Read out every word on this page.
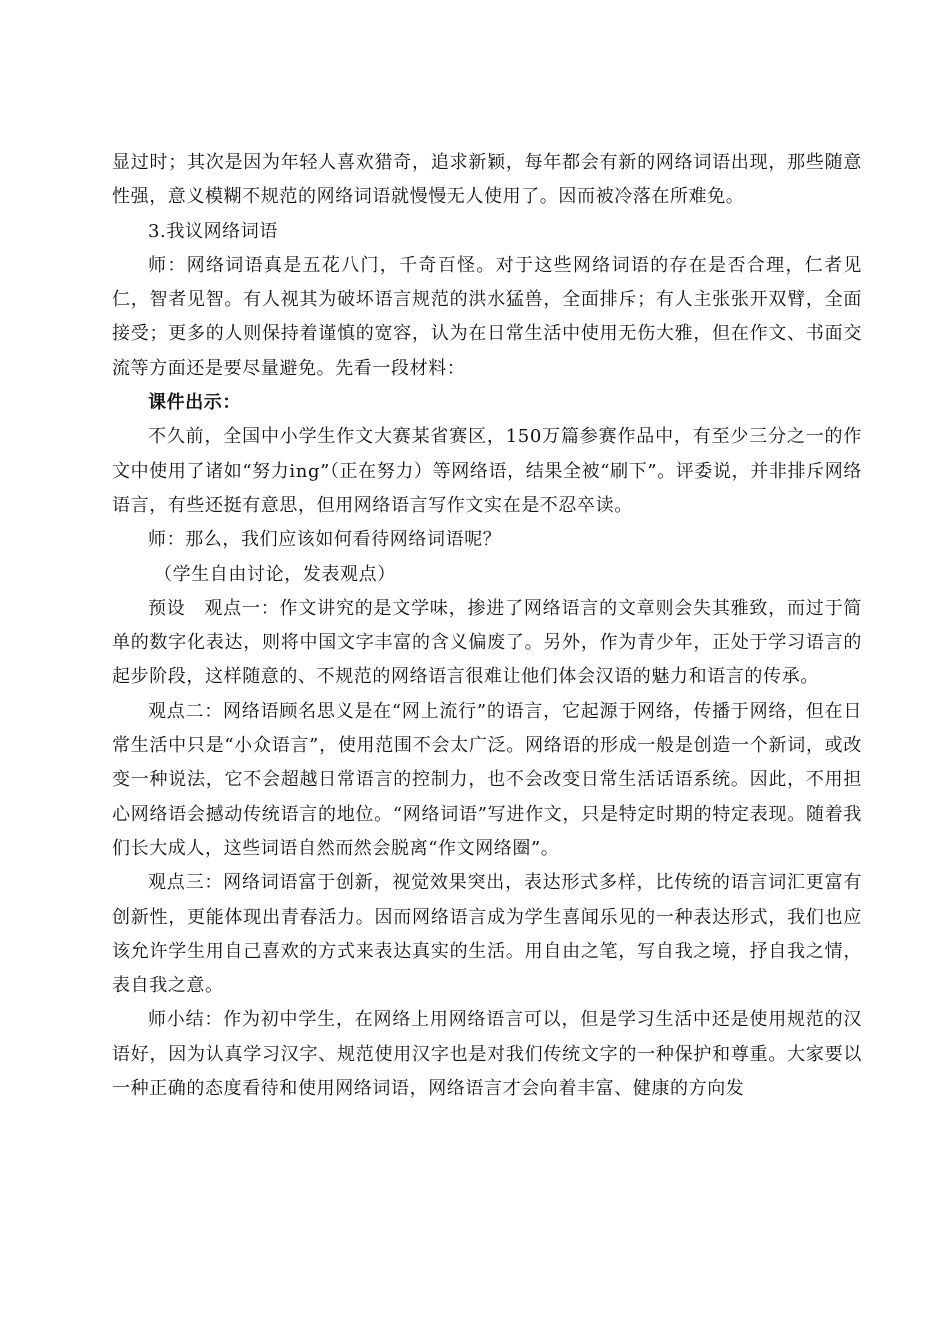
显过时；其次是因为年轻人喜欢猎奇，追求新颖，每年都会有新的网络词语出现，那些随意性强，意义模糊不规范的网络词语就慢慢无人使用了。因而被冷落在所难免。

3.我议网络词语

师：网络词语真是五花八门，千奇百怪。对于这些网络词语的存在是否合理，仁者见仁，智者见智。有人视其为破坏语言规范的洪水猛兽，全面排斥；有人主张张开双臂，全面接受；更多的人则保持着谨慎的宽容，认为在日常生活中使用无伤大雅，但在作文、书面交流等方面还是要尽量避免。先看一段材料：

课件出示：

不久前，全国中小学生作文大赛某省赛区，150万篇参赛作品中，有至少三分之一的作文中使用了诸如“努力ing”（正在努力）等网络语，结果全被“刷下”。评委说，并非排斥网络语言，有些还挺有意思，但用网络语言写作文实在是不忍卒读。

师：那么，我们应该如何看待网络词语呢？

（学生自由讨论，发表观点）

预设　观点一：作文讲究的是文学味，掺进了网络语言的文章则会失其雅致，而过于简单的数字化表达，则将中国文字丰富的含义偏废了。另外，作为青少年，正处于学习语言的起步阶段，这样随意的、不规范的网络语言很难让他们体会汉语的魅力和语言的传承。

观点二：网络语顾名思义是在“网上流行”的语言，它起源于网络，传播于网络，但在日常生活中只是“小众语言”，使用范围不会太广泛。网络语的形成一般是创造一个新词，或改变一种说法，它不会超越日常语言的控制力，也不会改变日常生活话语系统。因此，不用担心网络语会撼动传统语言的地位。“网络词语”写进作文，只是特定时期的特定表现。随着我们长大成人，这些词语自然而然会脱离“作文网络圈”。

观点三：网络词语富于创新，视觉效果突出，表达形式多样，比传统的语言词汇更富有创新性，更能体现出青春活力。因而网络语言成为学生喜闻乐见的一种表达形式，我们也应该允许学生用自己喜欢的方式来表达真实的生活。用自由之笔，写自我之境，抒自我之情，表自我之意。

师小结：作为初中学生，在网络上用网络语言可以，但是学习生活中还是使用规范的汉语好，因为认真学习汉字、规范使用汉字也是对我们传统文字的一种保护和尊重。大家要以一种正确的态度看待和使用网络词语，网络语言才会向着丰富、健康的方向发
